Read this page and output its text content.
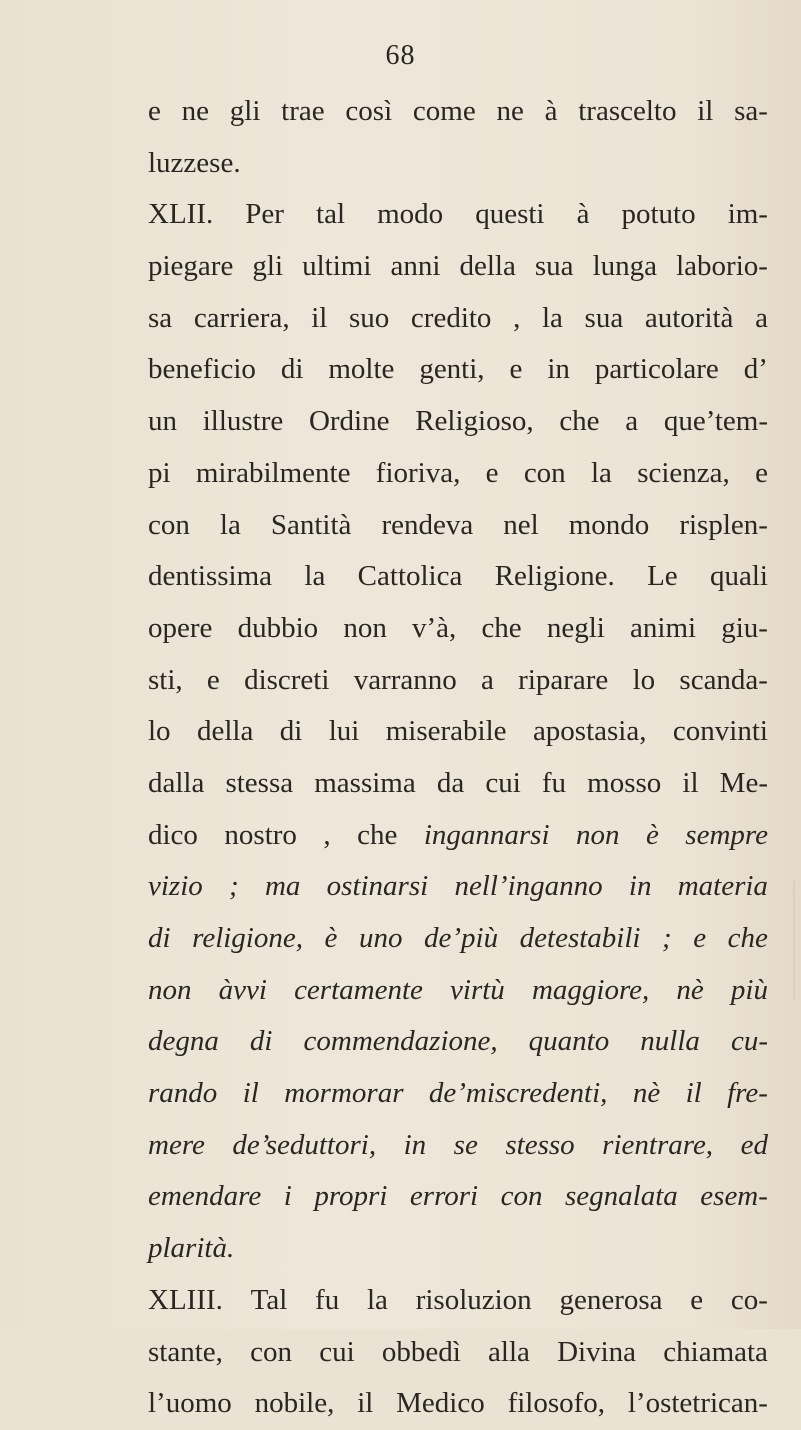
68
e ne gli trae così come ne à trascelto il sa-
luzzese.
XLII. Per tal modo questi à potuto im-
piegare gli ultimi anni della sua lunga laborio-
sa carriera, il suo credito , la sua autorità a
beneficio di molte genti, e in particolare d’
un illustre Ordine Religioso, che a que’tem-
pi mirabilmente fioriva, e con la scienza, e
con la Santità rendeva nel mondo risplen-
dentissima la Cattolica Religione. Le quali
opere dubbio non v’à, che negli animi giu-
sti, e discreti varranno a riparare lo scanda-
lo della di lui miserabile apostasia, convinti
dalla stessa massima da cui fu mosso il Me-
dico nostro , che ingannarsi non è sempre
vizio ; ma ostinarsi nell’inganno in materia
di religione, è uno de’più detestabili ; e che
non àvvi certamente virtù maggiore, nè più
degna di commendazione, quanto nulla cu-
rando il mormorar de’miscredenti, nè il fre-
mere de’seduttori, in se stesso rientrare, ed
emendare i propri errori con segnalata esem-
plarità.
XLIII. Tal fu la risoluzion generosa e co-
stante, con cui obbedì alla Divina chiamata
l’uomo nobile, il Medico filosofo, l’ostetrican-
